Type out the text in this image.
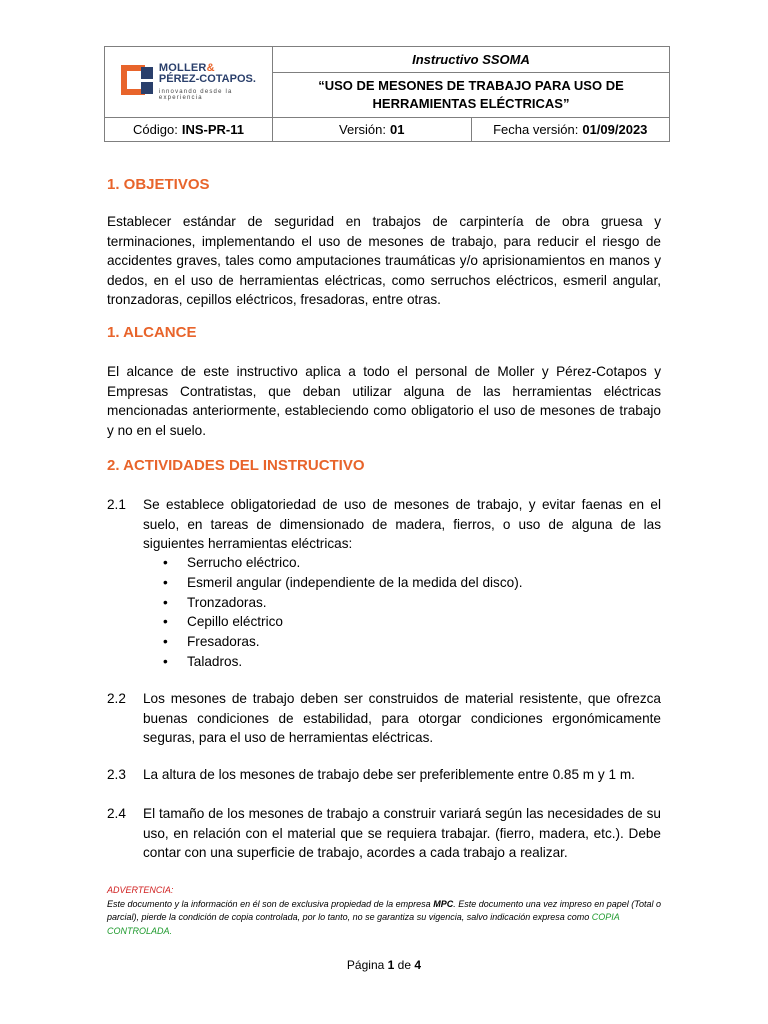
MOLLER&
PÉREZ-COTAPOS.
innovando desde la experiencia	Instructivo SSOMA	

	“USO DE MESONES DE TRABAJO PARA USO DE
HERRAMIENTAS ELÉCTRICAS”	

Código: INS-PR-11	Versión: 01	Fecha versión: 01/09/2023
1. OBJETIVOS

Establecer estándar de seguridad en trabajos de carpintería de obra gruesa y terminaciones, implementando el uso de mesones de trabajo, para reducir el riesgo de accidentes graves, tales como amputaciones traumáticas y/o aprisionamientos en manos y dedos, en el uso de herramientas eléctricas, como serruchos eléctricos, esmeril angular, tronzadoras, cepillos eléctricos, fresadoras, entre otras.

1. ALCANCE

El alcance de este instructivo aplica a todo el personal de Moller y Pérez-Cotapos y Empresas Contratistas, que deban utilizar alguna de las herramientas eléctricas mencionadas anteriormente, estableciendo como obligatorio el uso de mesones de trabajo y no en el suelo.

2. ACTIVIDADES DEL INSTRUCTIVO
2.1 Se establece obligatoriedad de uso de mesones de trabajo, y evitar faenas en el suelo, en tareas de dimensionado de madera, fierros, o uso de alguna de las siguientes herramientas eléctricas:
• Serrucho eléctrico.
• Esmeril angular (independiente de la medida del disco).
• Tronzadoras.
• Cepillo eléctrico
• Fresadoras.
• Taladros.
2.2 Los mesones de trabajo deben ser construidos de material resistente, que ofrezca buenas condiciones de estabilidad, para otorgar condiciones ergonómicamente seguras, para el uso de herramientas eléctricas.
2.3 La altura de los mesones de trabajo debe ser preferiblemente entre 0.85 m y 1 m.
2.4 El tamaño de los mesones de trabajo a construir variará según las necesidades de su uso, en relación con el material que se requiera trabajar. (fierro, madera, etc.). Debe contar con una superficie de trabajo, acordes a cada trabajo a realizar.
ADVERTENCIA:
Este documento y la información en él son de exclusiva propiedad de la empresa MPC. Este documento una vez impreso en papel (Total o parcial), pierde la condición de copia controlada, por lo tanto, no se garantiza su vigencia, salvo indicación expresa como COPIA CONTROLADA.
Página 1 de 4
